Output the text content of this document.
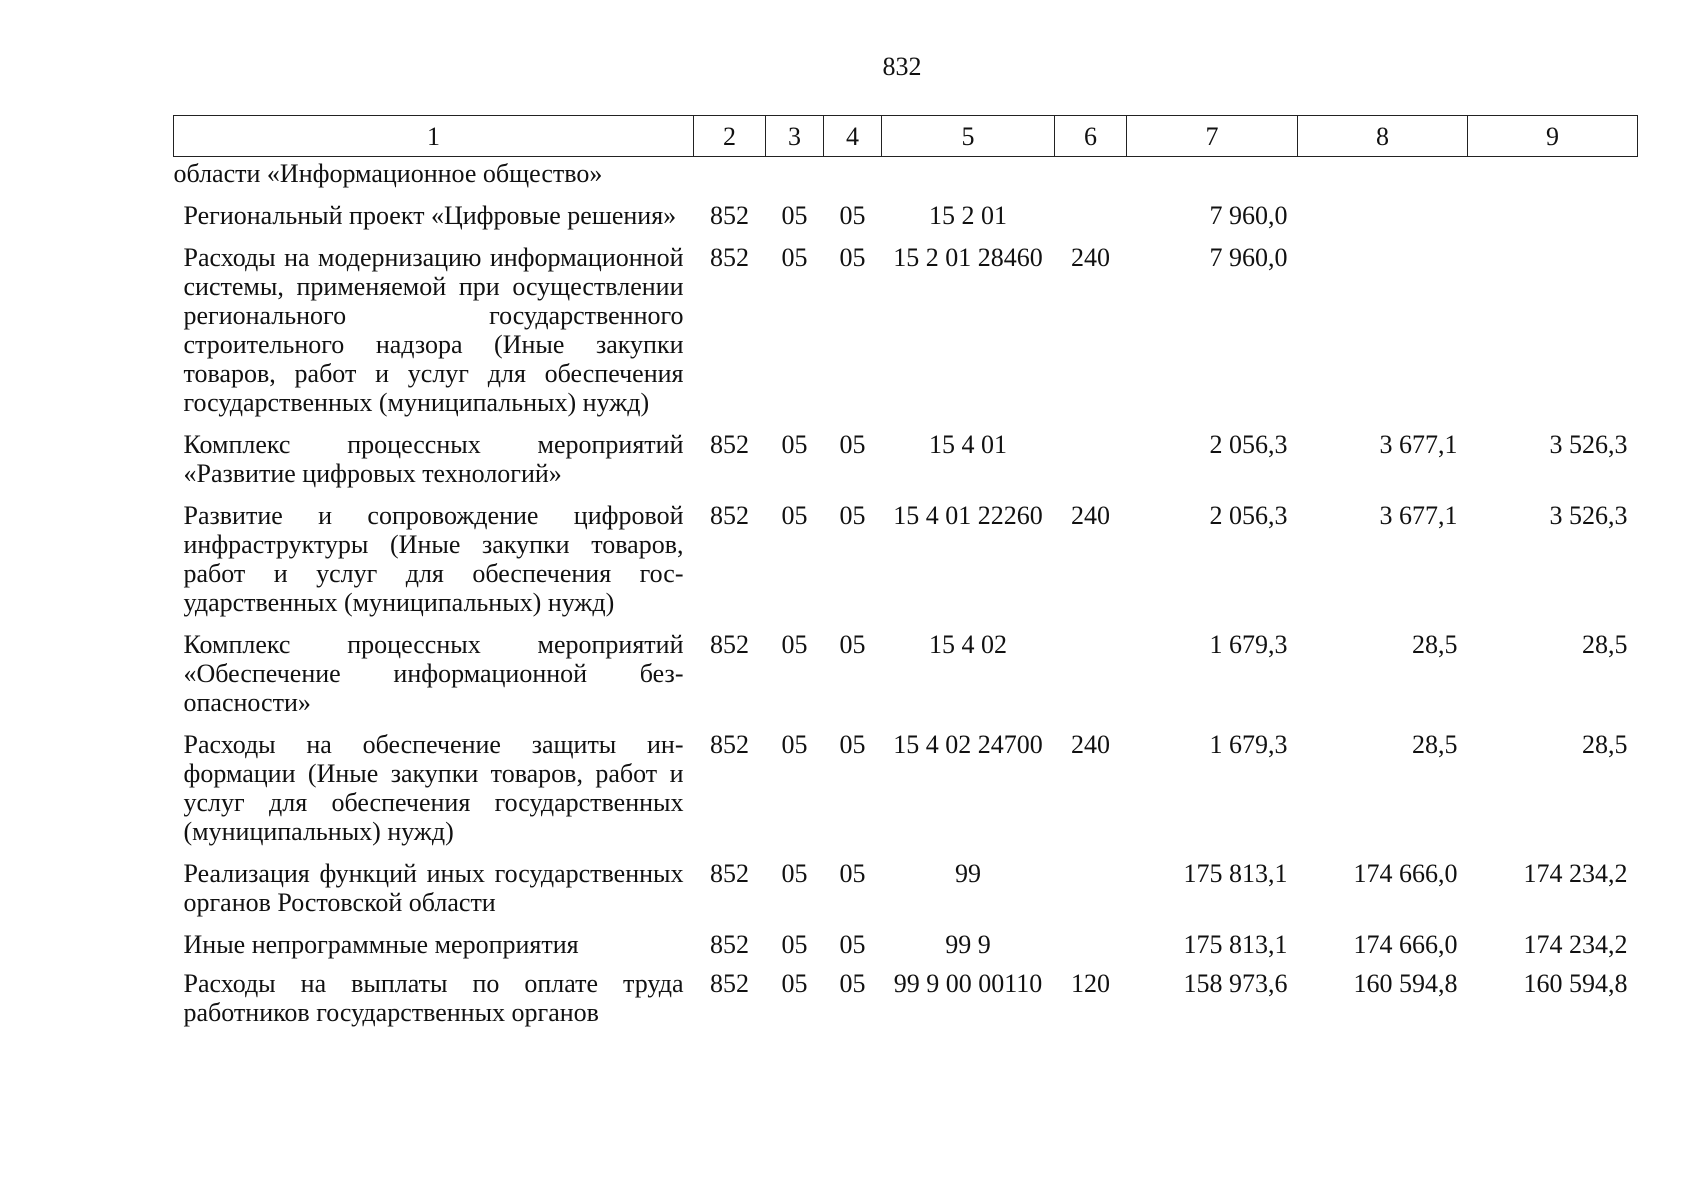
832
1	2	3	4	5	6	7	8	9
области «Информационное общество»								
Региональный проект «Цифровые решения»	852	05	05	15 2 01		7 960,0		
Расходы на модернизацию информационной системы, применяемой при осуществлении регионального государственного строительного надзора (Иные закупки товаров, работ и услуг для обеспечения государственных (муниципальных) нужд)	852	05	05	15 2 01 28460	240	7 960,0		
Комплекс процессных мероприятий «Развитие цифровых технологий»	852	05	05	15 4 01		2 056,3	3 677,1	3 526,3
Развитие и сопровождение цифровой инфраструктуры (Иные закупки товаров, работ и услуг для обеспечения государственных (муниципальных) нужд)	852	05	05	15 4 01 22260	240	2 056,3	3 677,1	3 526,3
Комплекс процессных мероприятий «Обеспечение информационной безопасности»	852	05	05	15 4 02		1 679,3	28,5	28,5
Расходы на обеспечение защиты информации (Иные закупки товаров, работ и услуг для обеспечения государственных (муниципальных) нужд)	852	05	05	15 4 02 24700	240	1 679,3	28,5	28,5
Реализация функций иных государственных органов Ростовской области	852	05	05	99		175 813,1	174 666,0	174 234,2
Иные непрограммные мероприятия	852	05	05	99 9		175 813,1	174 666,0	174 234,2
Расходы на выплаты по оплате труда работников государственных органов	852	05	05	99 9 00 00110	120	158 973,6	160 594,8	160 594,8
